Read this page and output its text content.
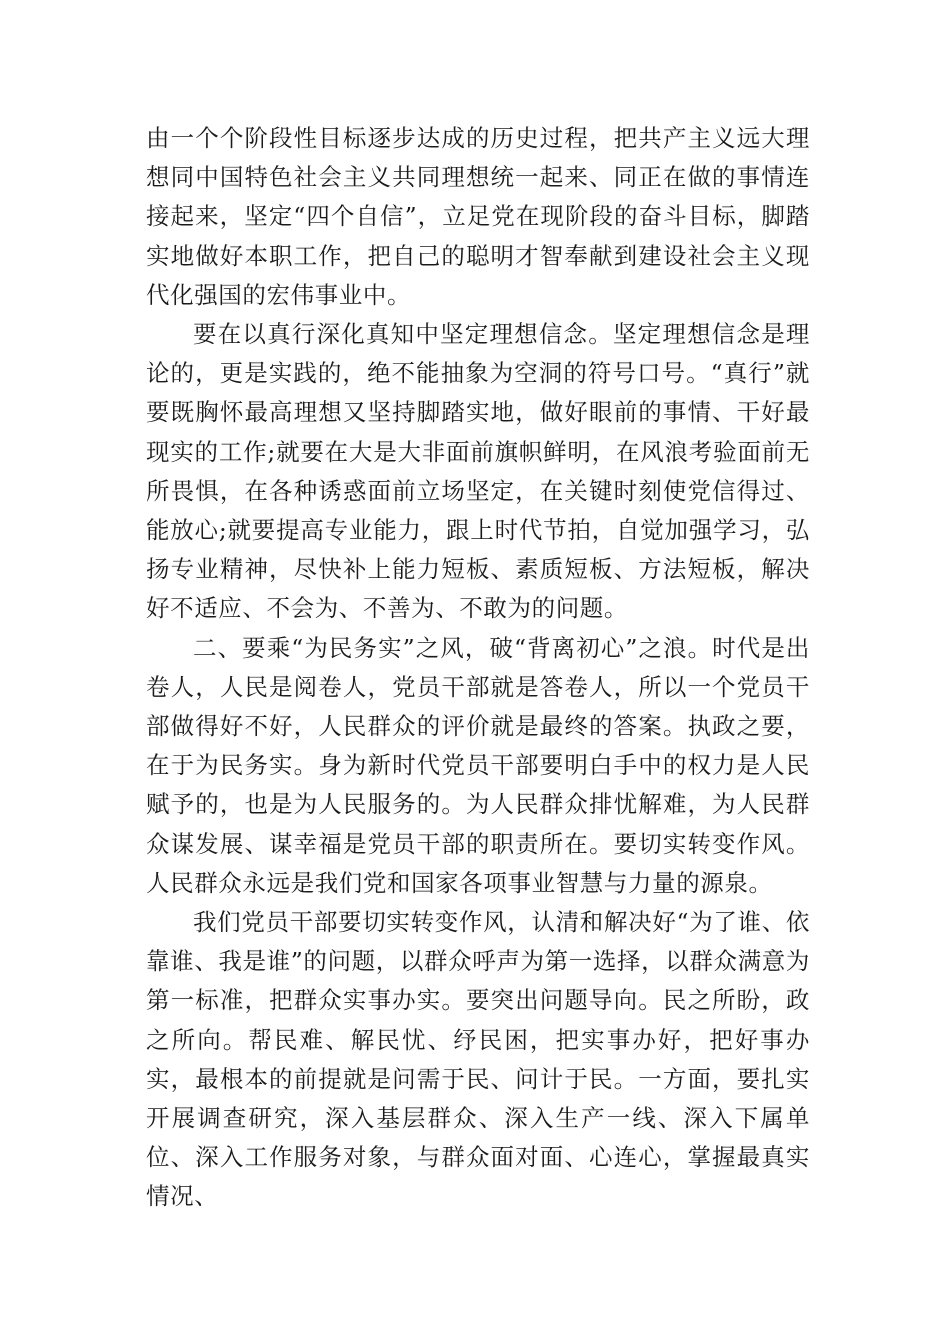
由一个个阶段性目标逐步达成的历史过程，把共产主义远大理想同中国特色社会主义共同理想统一起来、同正在做的事情连接起来，坚定“四个自信”，立足党在现阶段的奋斗目标，脚踏实地做好本职工作，把自己的聪明才智奉献到建设社会主义现代化强国的宏伟事业中。

要在以真行深化真知中坚定理想信念。坚定理想信念是理论的，更是实践的，绝不能抽象为空洞的符号口号。“真行”就要既胸怀最高理想又坚持脚踏实地，做好眼前的事情、干好最现实的工作;就要在大是大非面前旗帜鲜明，在风浪考验面前无所畏惧，在各种诱惑面前立场坚定，在关键时刻使党信得过、能放心;就要提高专业能力，跟上时代节拍，自觉加强学习，弘扬专业精神，尽快补上能力短板、素质短板、方法短板，解决好不适应、不会为、不善为、不敢为的问题。

二、要乘“为民务实”之风，破“背离初心”之浪。时代是出卷人，人民是阅卷人，党员干部就是答卷人，所以一个党员干部做得好不好，人民群众的评价就是最终的答案。执政之要，在于为民务实。身为新时代党员干部要明白手中的权力是人民赋予的，也是为人民服务的。为人民群众排忧解难，为人民群众谋发展、谋幸福是党员干部的职责所在。要切实转变作风。人民群众永远是我们党和国家各项事业智慧与力量的源泉。

我们党员干部要切实转变作风，认清和解决好“为了谁、依靠谁、我是谁”的问题，以群众呼声为第一选择，以群众满意为第一标准，把群众实事办实。要突出问题导向。民之所盼，政之所向。帮民难、解民忧、纾民困，把实事办好，把好事办实，最根本的前提就是问需于民、问计于民。一方面，要扎实开展调查研究，深入基层群众、深入生产一线、深入下属单位、深入工作服务对象，与群众面对面、心连心，掌握最真实情况、
